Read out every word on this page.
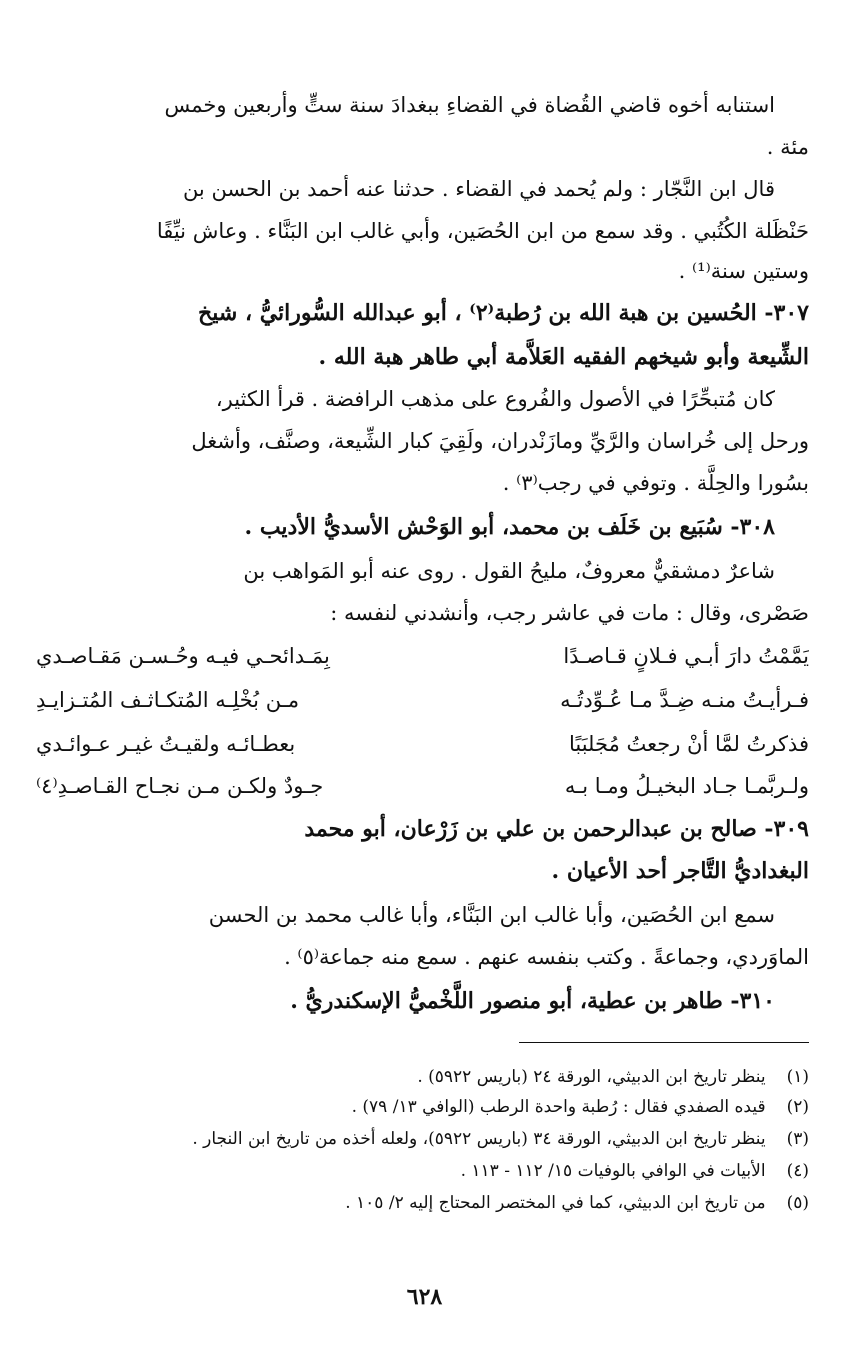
استنابه أخوه قاضي القُضاة في القضاءِ ببغدادَ سنة ستٍّ وأربعين وخمس
مئة .
قال ابن النَّجّار : ولم يُحمد في القضاء . حدثنا عنه أحمد بن الحسن بن
حَنْظَلة الكُتُبي . وقد سمع من ابن الحُصَين، وأبي غالب ابن البَنَّاء . وعاش نيِّفًا
وستين سنة⁽¹⁾ .
٣٠٧- الحُسين بن هبة الله بن رُطبة⁽٢⁾ ، أبو عبدالله السُّورائيُّ ، شيخ
الشِّيعة وأبو شيخهم الفقيه العَلاَّمة أبي طاهر هبة الله .
كان مُتبحِّرًا في الأصول والفُروع على مذهب الرافضة . قرأ الكثير،
ورحل إلى خُراسان والرَّيِّ ومازَنْدران، ولَقِيَ كبار الشِّيعة، وصنَّف، وأشغل
بسُورا والحِلَّة . وتوفي في رجب⁽٣⁾ .
٣٠٨- سُبَيع بن خَلَف بن محمد، أبو الوَحْش الأسديُّ الأديب .
شاعرٌ دمشقيٌّ معروفٌ، مليحُ القول . روى عنه أبو المَواهب بن
صَصْرى، وقال : مات في عاشر رجب، وأنشدني لنفسه :
يَمَّمْتُ دارَ أبـي فـلانٍ قـاصـدًا
بِمَـدائحـي فيـه وحُـسـن مَقـاصـدي
فـرأيـتُ منـه ضِـدَّ مـا عُـوِّدتُـه
مـن بُخْلِـه المُتكـاثـف المُتـزايـدِ
فذكرتُ لمَّا أنْ رجعتُ مُجَلبَبًا
بعطـائـه ولقيـتُ غيـر عـوائـدي
ولـربَّمـا جـاد البخيـلُ ومـا بـه
جـودٌ ولكـن مـن نجـاح القـاصـدِ⁽٤⁾
٣٠٩- صالح بن عبدالرحمن بن علي بن زَرْعان، أبو محمد
البغداديُّ التَّاجر أحد الأعيان .
سمع ابن الحُصَين، وأبا غالب ابن البَنَّاء، وأبا غالب محمد بن الحسن
الماوَردي، وجماعةً . وكتب بنفسه عنهم . سمع منه جماعة⁽٥⁾ .
٣١٠- طاهر بن عطية، أبو منصور اللَّخْميُّ الإسكندريُّ .
(١) ينظر تاريخ ابن الدبيثي، الورقة ٢٤ (باريس ٥٩٢٢) .
(٢) قيده الصفدي فقال : رُطبة واحدة الرطب (الوافي ١٣/ ٧٩) .
(٣) ينظر تاريخ ابن الدبيثي، الورقة ٣٤ (باريس ٥٩٢٢)، ولعله أخذه من تاريخ ابن النجار .
(٤) الأبيات في الوافي بالوفيات ١٥/ ١١٢ - ١١٣ .
(٥) من تاريخ ابن الدبيثي، كما في المختصر المحتاج إليه ٢/ ١٠٥ .
٦٢٨
